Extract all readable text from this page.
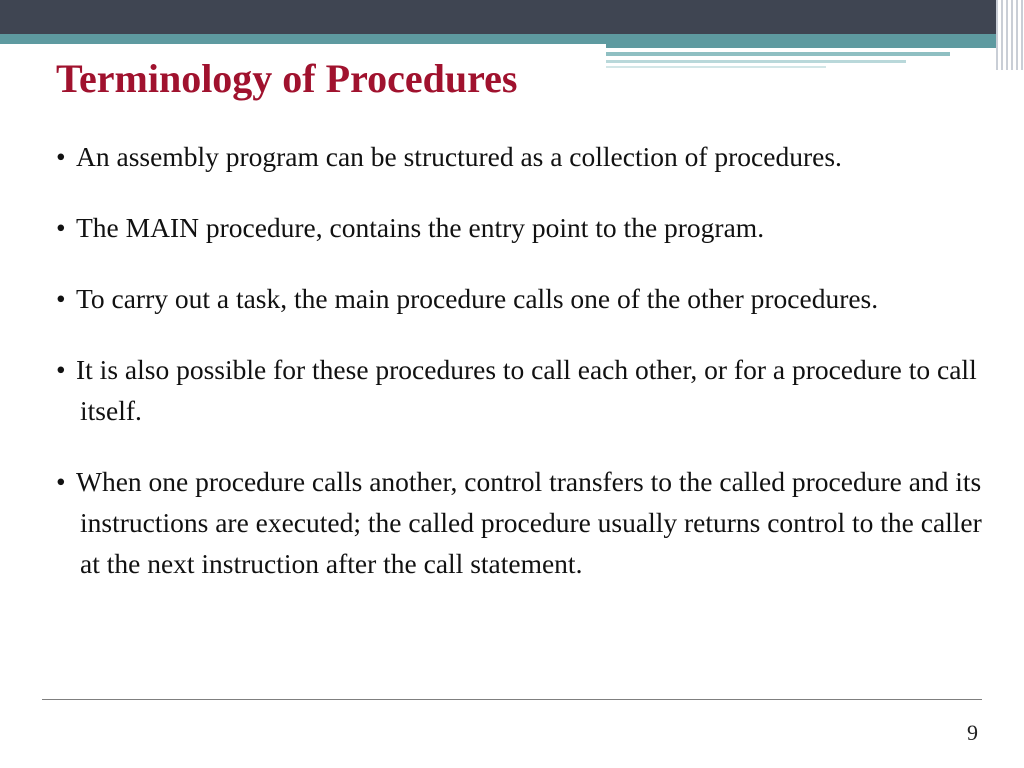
Terminology of Procedures
• An assembly program can be structured as a collection of procedures.
• The MAIN procedure, contains the entry point to the program.
• To carry out a task, the main procedure calls one of the other procedures.
• It is also possible for these procedures to call each other, or for a procedure to call itself.
• When one procedure calls another, control transfers to the called procedure and its instructions are executed; the called procedure usually returns control to the caller at the next instruction after the call statement.
9
